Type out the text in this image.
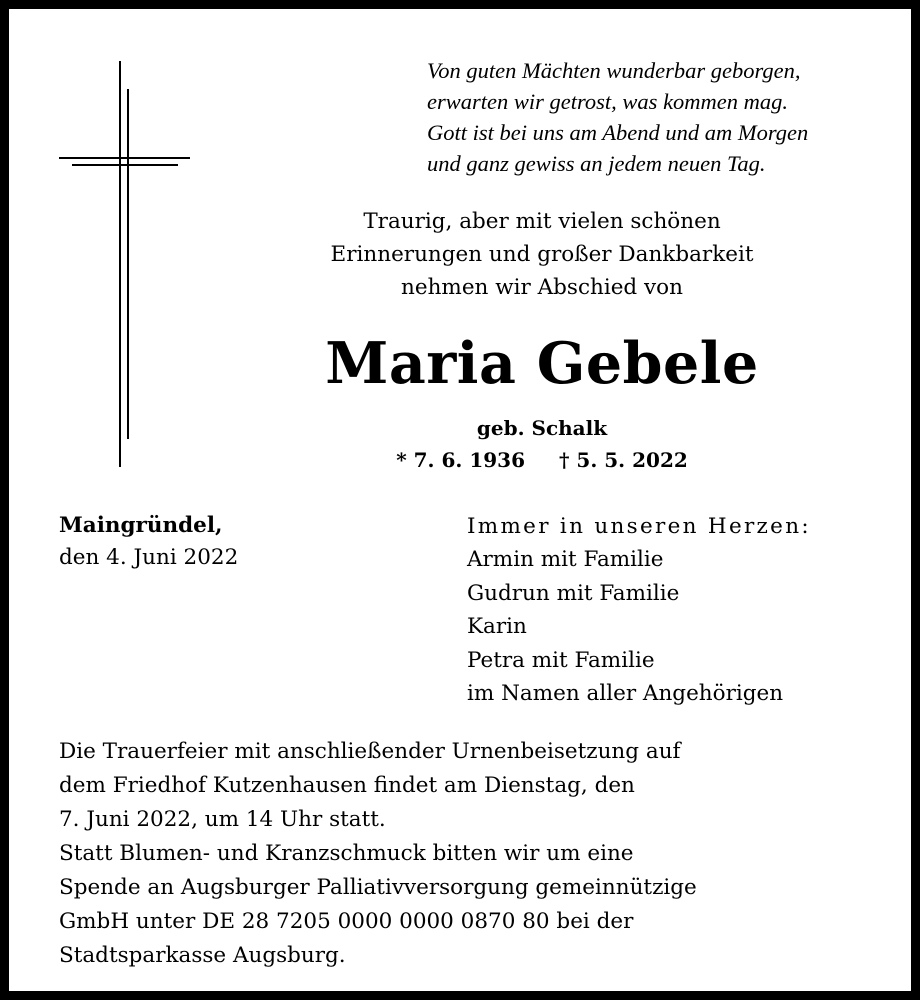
Von guten Mächten wunderbar geborgen,
erwarten wir getrost, was kommen mag.
Gott ist bei uns am Abend und am Morgen
und ganz gewiss an jedem neuen Tag.
Traurig, aber mit vielen schönen
Erinnerungen und großer Dankbarkeit
nehmen wir Abschied von
Maria Gebele
geb. Schalk
* 7. 6. 1936 † 5. 5. 2022
Maingründel,
den 4. Juni 2022
Immer in unseren Herzen:
Armin mit Familie
Gudrun mit Familie
Karin
Petra mit Familie
im Namen aller Angehörigen
Die Trauerfeier mit anschließender Urnenbeisetzung auf
dem Friedhof Kutzenhausen findet am Dienstag, den
7. Juni 2022, um 14 Uhr statt.
Statt Blumen- und Kranzschmuck bitten wir um eine
Spende an Augsburger Palliativversorgung gemeinnützige
GmbH unter DE 28 7205 0000 0000 0870 80 bei der
Stadtsparkasse Augsburg.
